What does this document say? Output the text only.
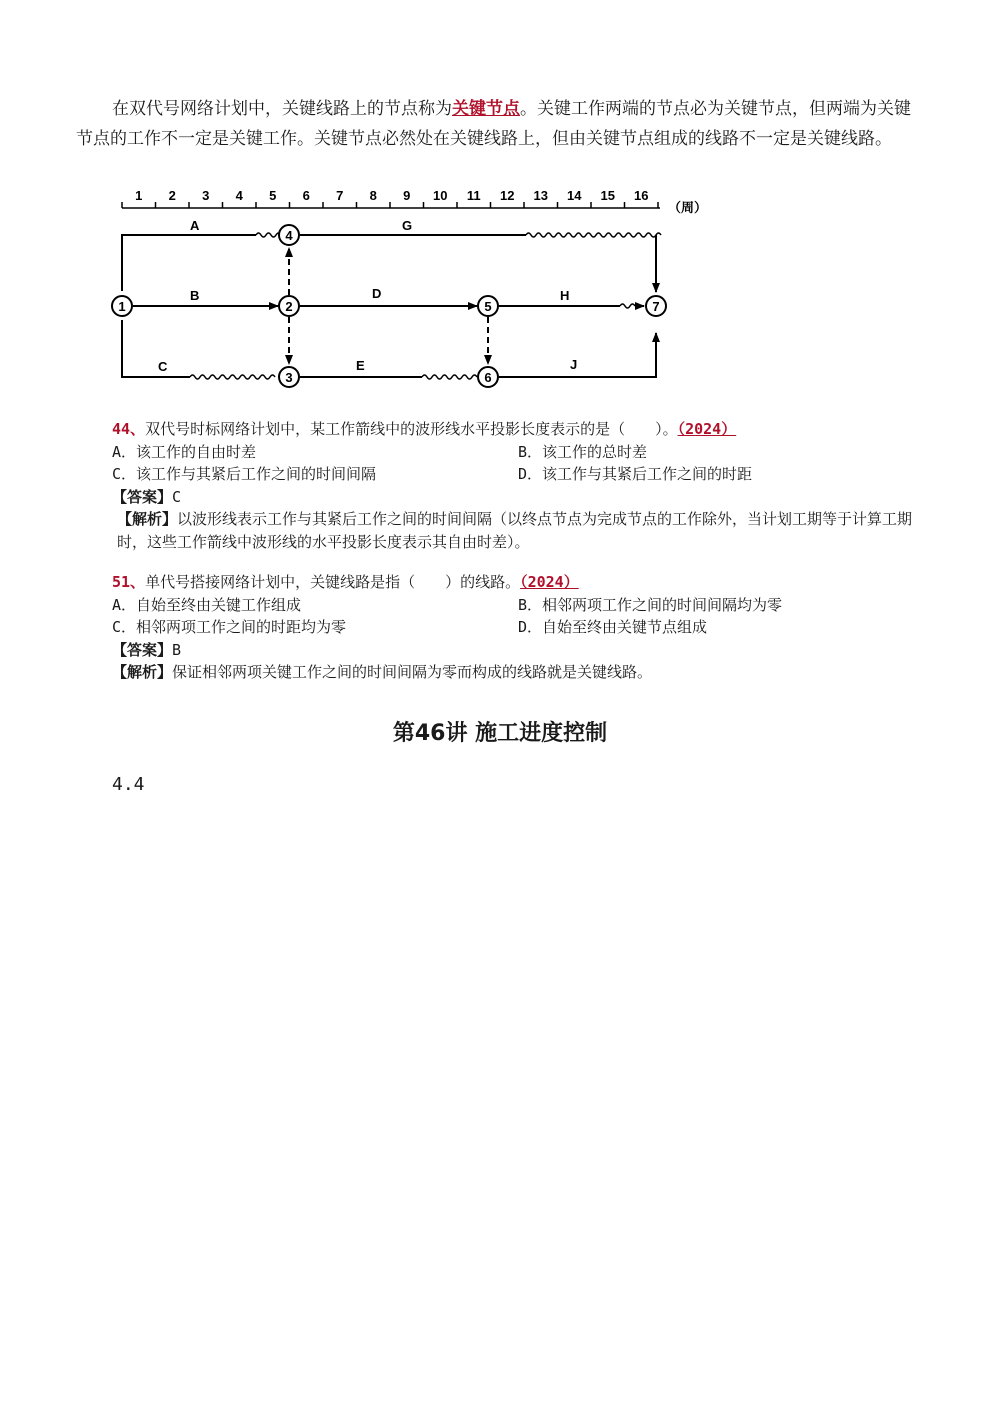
在双代号网络计划中，关键线路上的节点称为关键节点。关键工作两端的节点必为关键节点，但两端为关键节点的工作不一定是关键工作。关键节点必然处在关键线路上，但由关键节点组成的线路不一定是关键线路。

1 2 3 4 5 6 7 8 9 10 11 12 13 14 15 16
（周）
A
B
C
D
E
G
H
J
1	2
3
4
5
6
7
44、双代号时标网络计划中，某工作箭线中的波形线水平投影长度表示的是（　　）。（2024）
A．该工作的自由时差	B．该工作的总时差
C．该工作与其紧后工作之间的时间间隔	D．该工作与其紧后工作之间的时距
【答案】C
【解析】以波形线表示工作与其紧后工作之间的时间间隔（以终点节点为完成节点的工作除外，当计划工期等于计算工期时，这些工作箭线中波形线的水平投影长度表示其自由时差）。
51、单代号搭接网络计划中，关键线路是指（　　）的线路。（2024）
A．自始至终由关键工作组成	B．相邻两项工作之间的时间间隔均为零
C．相邻两项工作之间的时距均为零	D．自始至终由关键节点组成
【答案】B
【解析】保证相邻两项关键工作之间的时间间隔为零而构成的线路就是关键线路。
第46讲 施工进度控制
4.4
